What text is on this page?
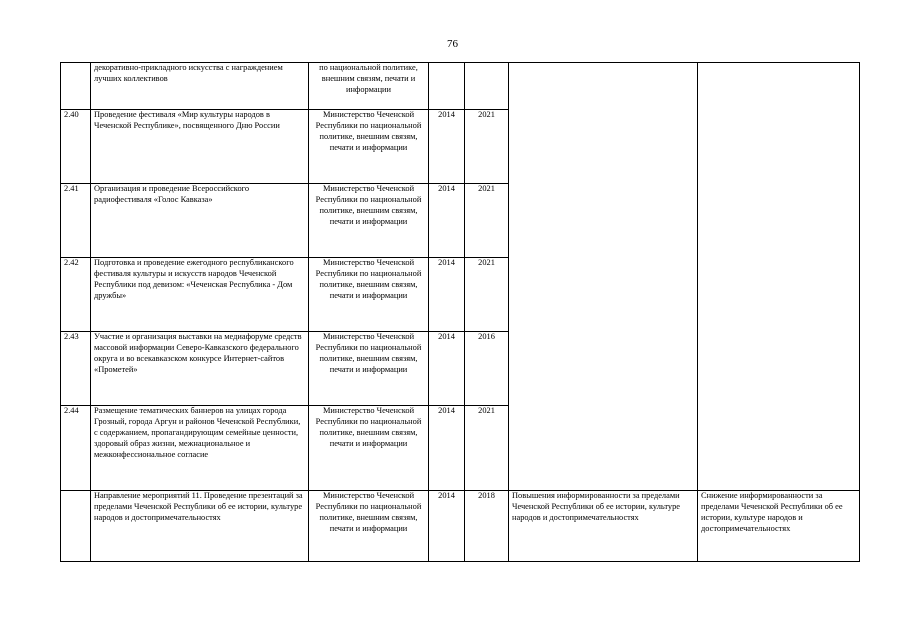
76
	декоративно-прикладного искусства с награждением лучших коллективов	по национальной политике, внешним связям, печати и информации				
2.40	Проведение фестиваля «Мир культуры народов в Чеченской Республике», посвященного Дню России	Министерство Чеченской Республики по национальной политике, внешним связям, печати и информации	2014	2021		
2.41	Организация и проведение Всероссийского радиофестиваля «Голос Кавказа»	Министерство Чеченской Республики по национальной политике, внешним связям, печати и информации	2014	2021		
2.42	Подготовка и проведение ежегодного республиканского фестиваля культуры и искусств народов Чеченской Республики под девизом: «Чеченская Республика - Дом дружбы»	Министерство Чеченской Республики по национальной политике, внешним связям, печати и информации	2014	2021		
2.43	Участие и организация выставки на медиафоруме средств массовой информации Северо-Кавказского федерального округа и во всекавказском конкурсе Интернет-сайтов «Прометей»	Министерство Чеченской Республики по национальной политике, внешним связям, печати и информации	2014	2016		
2.44	Размещение тематических баннеров на улицах города Грозный, города Аргун и районов Чеченской Республики, с содержанием, пропагандирующим семейные ценности, здоровый образ жизни, межнациональное и межконфессиональное согласие	Министерство Чеченской Республики по национальной политике, внешним связям, печати и информации	2014	2021		
	Направление мероприятий 11. Проведение презентаций за пределами Чеченской Республики об ее истории, культуре народов и достопримечательностях	Министерство Чеченской Республики по национальной политике, внешним связям, печати и информации	2014	2018	Повышения информированности за пределами Чеченской Республики об ее истории, культуре народов и достопримечательностях	Снижение информированности за пределами Чеченской Республики об ее истории, культуре народов и достопримечательностях
